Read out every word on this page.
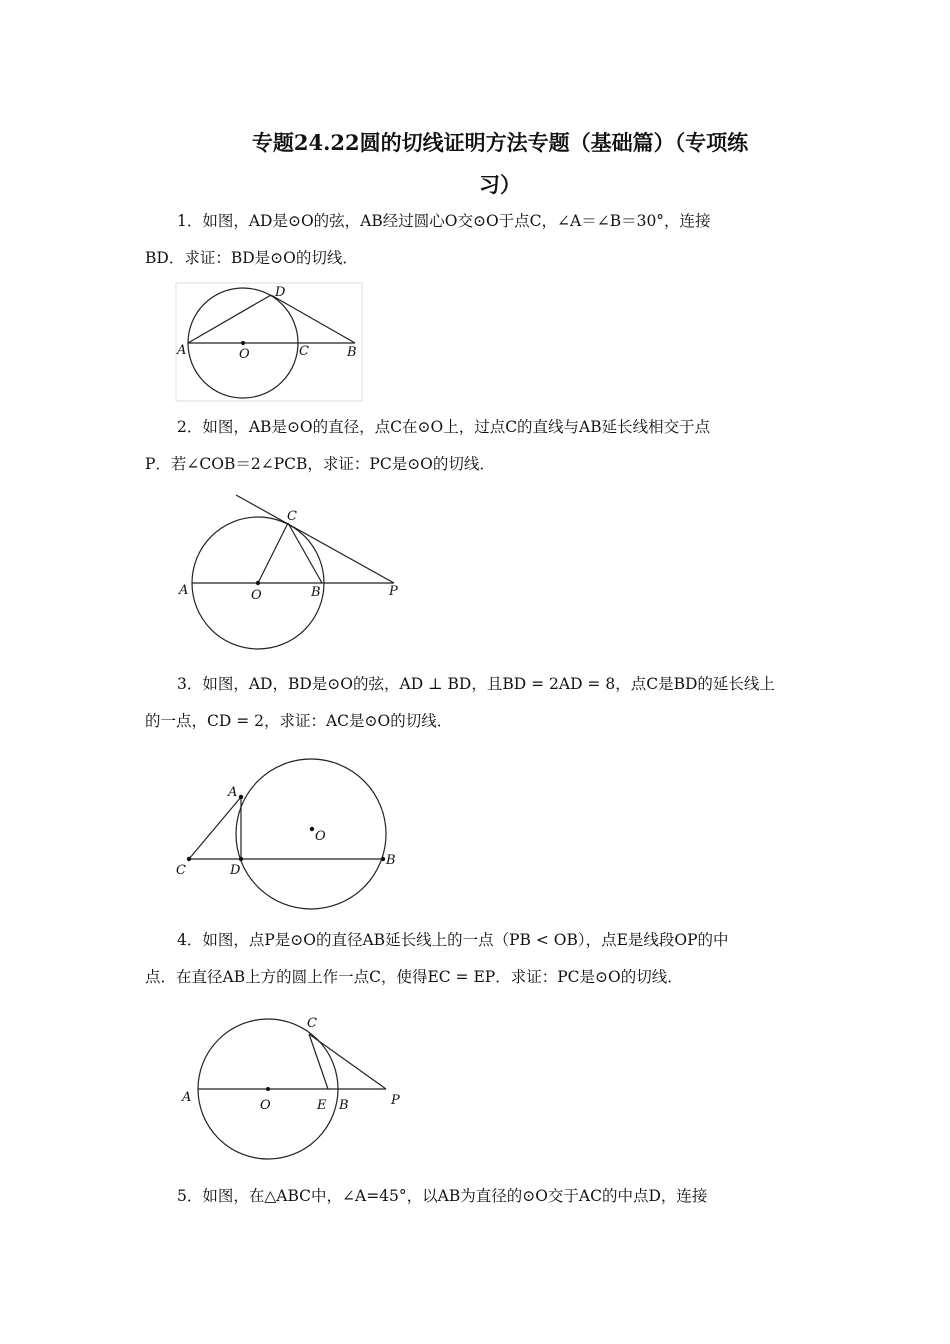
专题24.22圆的切线证明方法专题（基础篇）（专项练
习）

1．如图，AD是⊙O的弦，AB经过圆心O交⊙O于点C，∠A＝∠B＝30°，连接

BD．求证：BD是⊙O的切线．

A	O	C	B
D

2．如图，AB是⊙O的直径，点C在⊙O上，过点C的直线与AB延长线相交于点

P．若∠COB＝2∠PCB，求证：PC是⊙O的切线．

A	O	B
C
P

3．如图，AD，BD是⊙O的弦，AD ⊥ BD，且BD = 2AD = 8，点C是BD的延长线上

的一点，CD = 2，求证：AC是⊙O的切线．

A
C	D
O
B

4．如图，点P是⊙O的直径AB延长线上的一点（PB < OB），点E是线段OP的中

点．在直径AB上方的圆上作一点C，使得EC = EP．求证：PC是⊙O的切线．

A
O	E B	P
C

5．如图，在△ABC中，∠A=45°，以AB为直径的⊙O交于AC的中点D，连接
